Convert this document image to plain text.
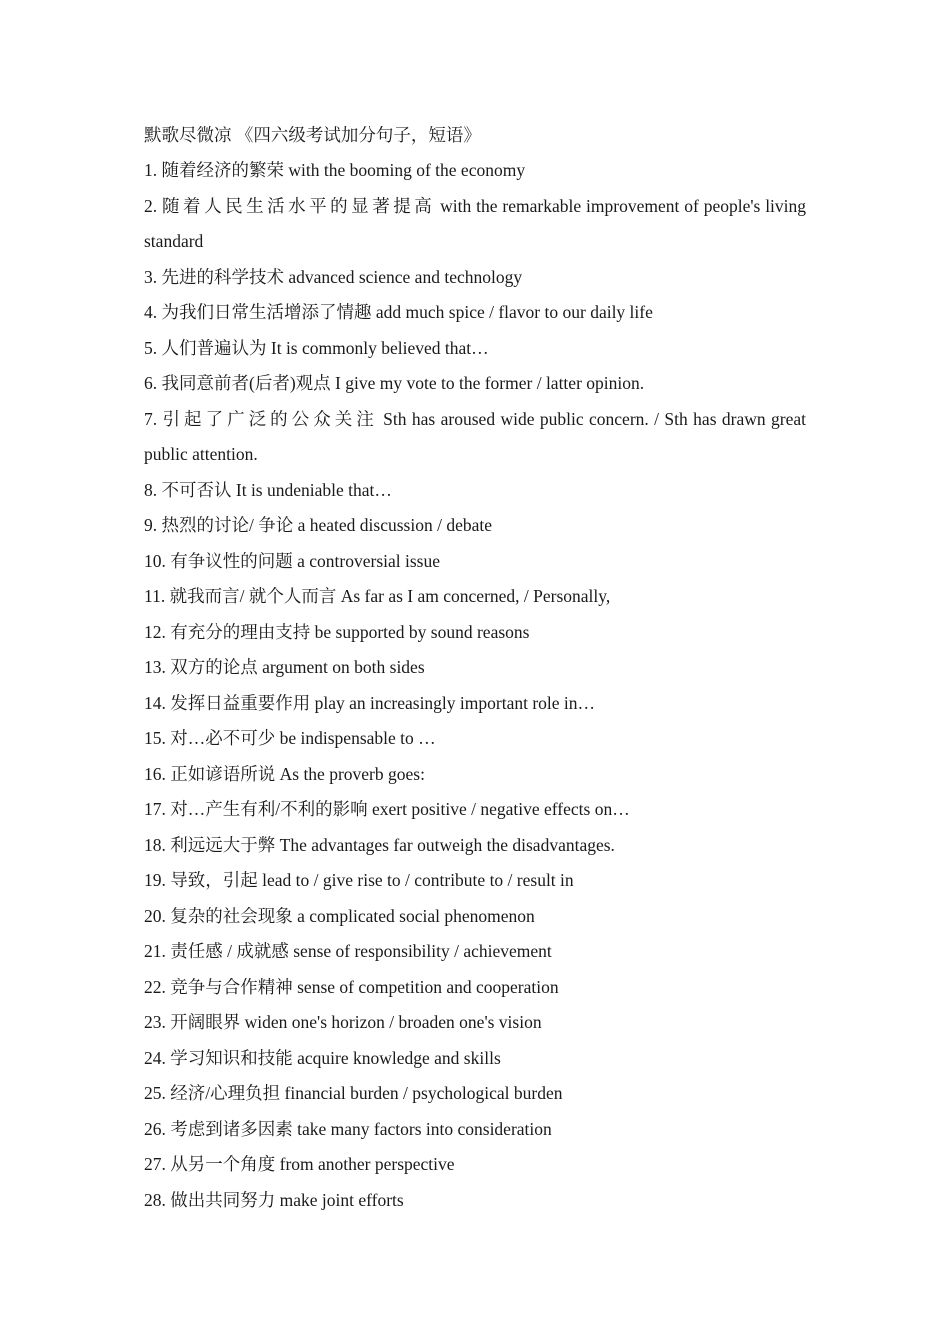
默歌尽微凉 《四六级考试加分句子，短语》
1. 随着经济的繁荣 with the booming of the economy
2. 随着人民生活水平的显著提高 with the remarkable improvement of people's living standard
3. 先进的科学技术 advanced science and technology
4. 为我们日常生活增添了情趣 add much spice / flavor to our daily life
5. 人们普遍认为 It is commonly believed that…
6. 我同意前者(后者)观点 I give my vote to the former / latter opinion.
7. 引起了广泛的公众关注 Sth has aroused wide public concern. / Sth has drawn great public attention.
8. 不可否认 It is undeniable that…
9. 热烈的讨论/ 争论 a heated discussion / debate
10. 有争议性的问题 a controversial issue
11. 就我而言/ 就个人而言 As far as I am concerned, / Personally,
12. 有充分的理由支持 be supported by sound reasons
13. 双方的论点 argument on both sides
14. 发挥日益重要作用 play an increasingly important role in…
15. 对…必不可少 be indispensable to …
16. 正如谚语所说 As the proverb goes:
17. 对…产生有利/不利的影响 exert positive / negative effects on…
18. 利远远大于弊 The advantages far outweigh the disadvantages.
19. 导致，引起 lead to / give rise to / contribute to / result in
20. 复杂的社会现象 a complicated social phenomenon
21. 责任感 / 成就感 sense of responsibility / achievement
22. 竞争与合作精神 sense of competition and cooperation
23. 开阔眼界 widen one's horizon / broaden one's vision
24. 学习知识和技能 acquire knowledge and skills
25. 经济/心理负担 financial burden / psychological burden
26. 考虑到诸多因素 take many factors into consideration
27. 从另一个角度 from another perspective
28. 做出共同努力 make joint efforts
